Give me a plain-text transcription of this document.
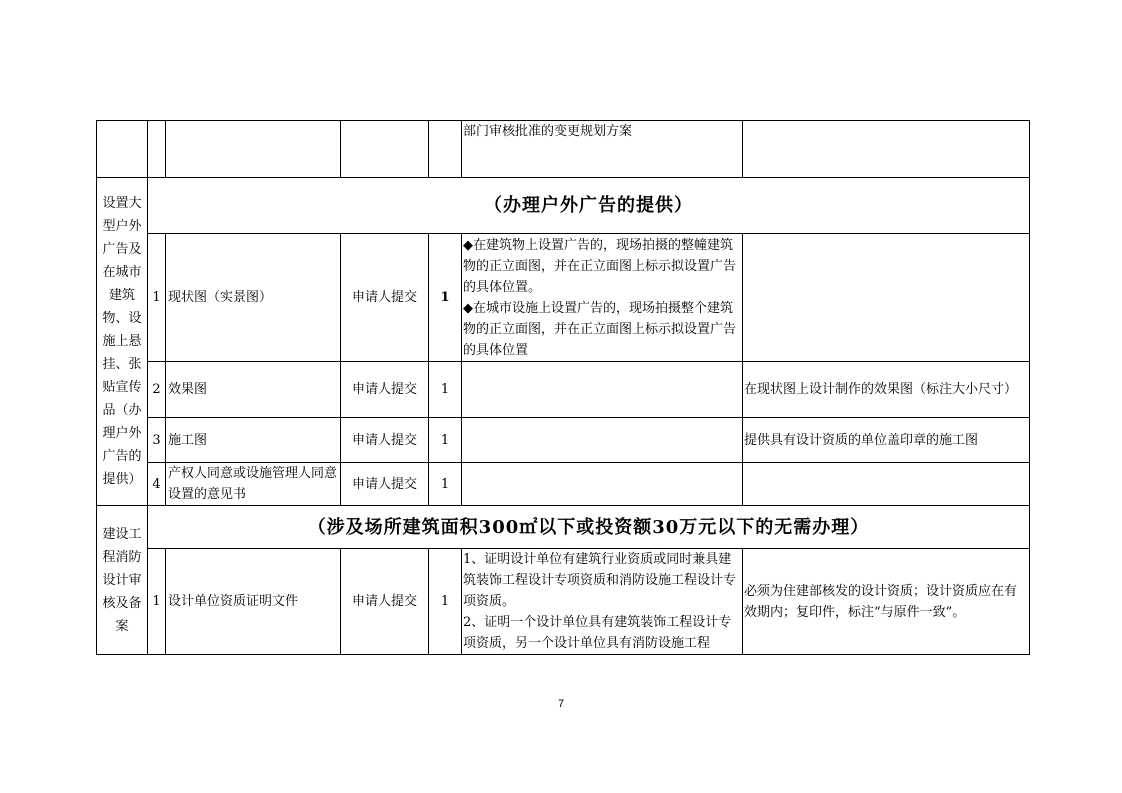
					部门审核批准的变更规划方案	
设置大型户外广告及在城市建筑物、设施上悬挂、张贴宣传品（办理户外广告的提供）	（办理户外广告的提供）					
	1	现状图（实景图）	申请人提交	1	◆在建筑物上设置广告的，现场拍摄的整幢建筑物的正立面图，并在正立面图上标示拟设置广告的具体位置。
◆在城市设施上设置广告的，现场拍摄整个建筑物的正立面图，并在正立面图上标示拟设置广告的具体位置	
	2	效果图	申请人提交	1		在现状图上设计制作的效果图（标注大小尺寸）
	3	施工图	申请人提交	1		提供具有设计资质的单位盖印章的施工图
	4	产权人同意或设施管理人同意设置的意见书	申请人提交	1		
建设工程消防设计审核及备案	（涉及场所建筑面积300㎡以下或投资额30万元以下的无需办理）					
	1	设计单位资质证明文件	申请人提交	1	1、证明设计单位有建筑行业资质或同时兼具建筑装饰工程设计专项资质和消防设施工程设计专项资质。
2、证明一个设计单位具有建筑装饰工程设计专项资质，另一个设计单位具有消防设施工程	必须为住建部核发的设计资质；设计资质应在有效期内；复印件，标注“与原件一致”。
7
